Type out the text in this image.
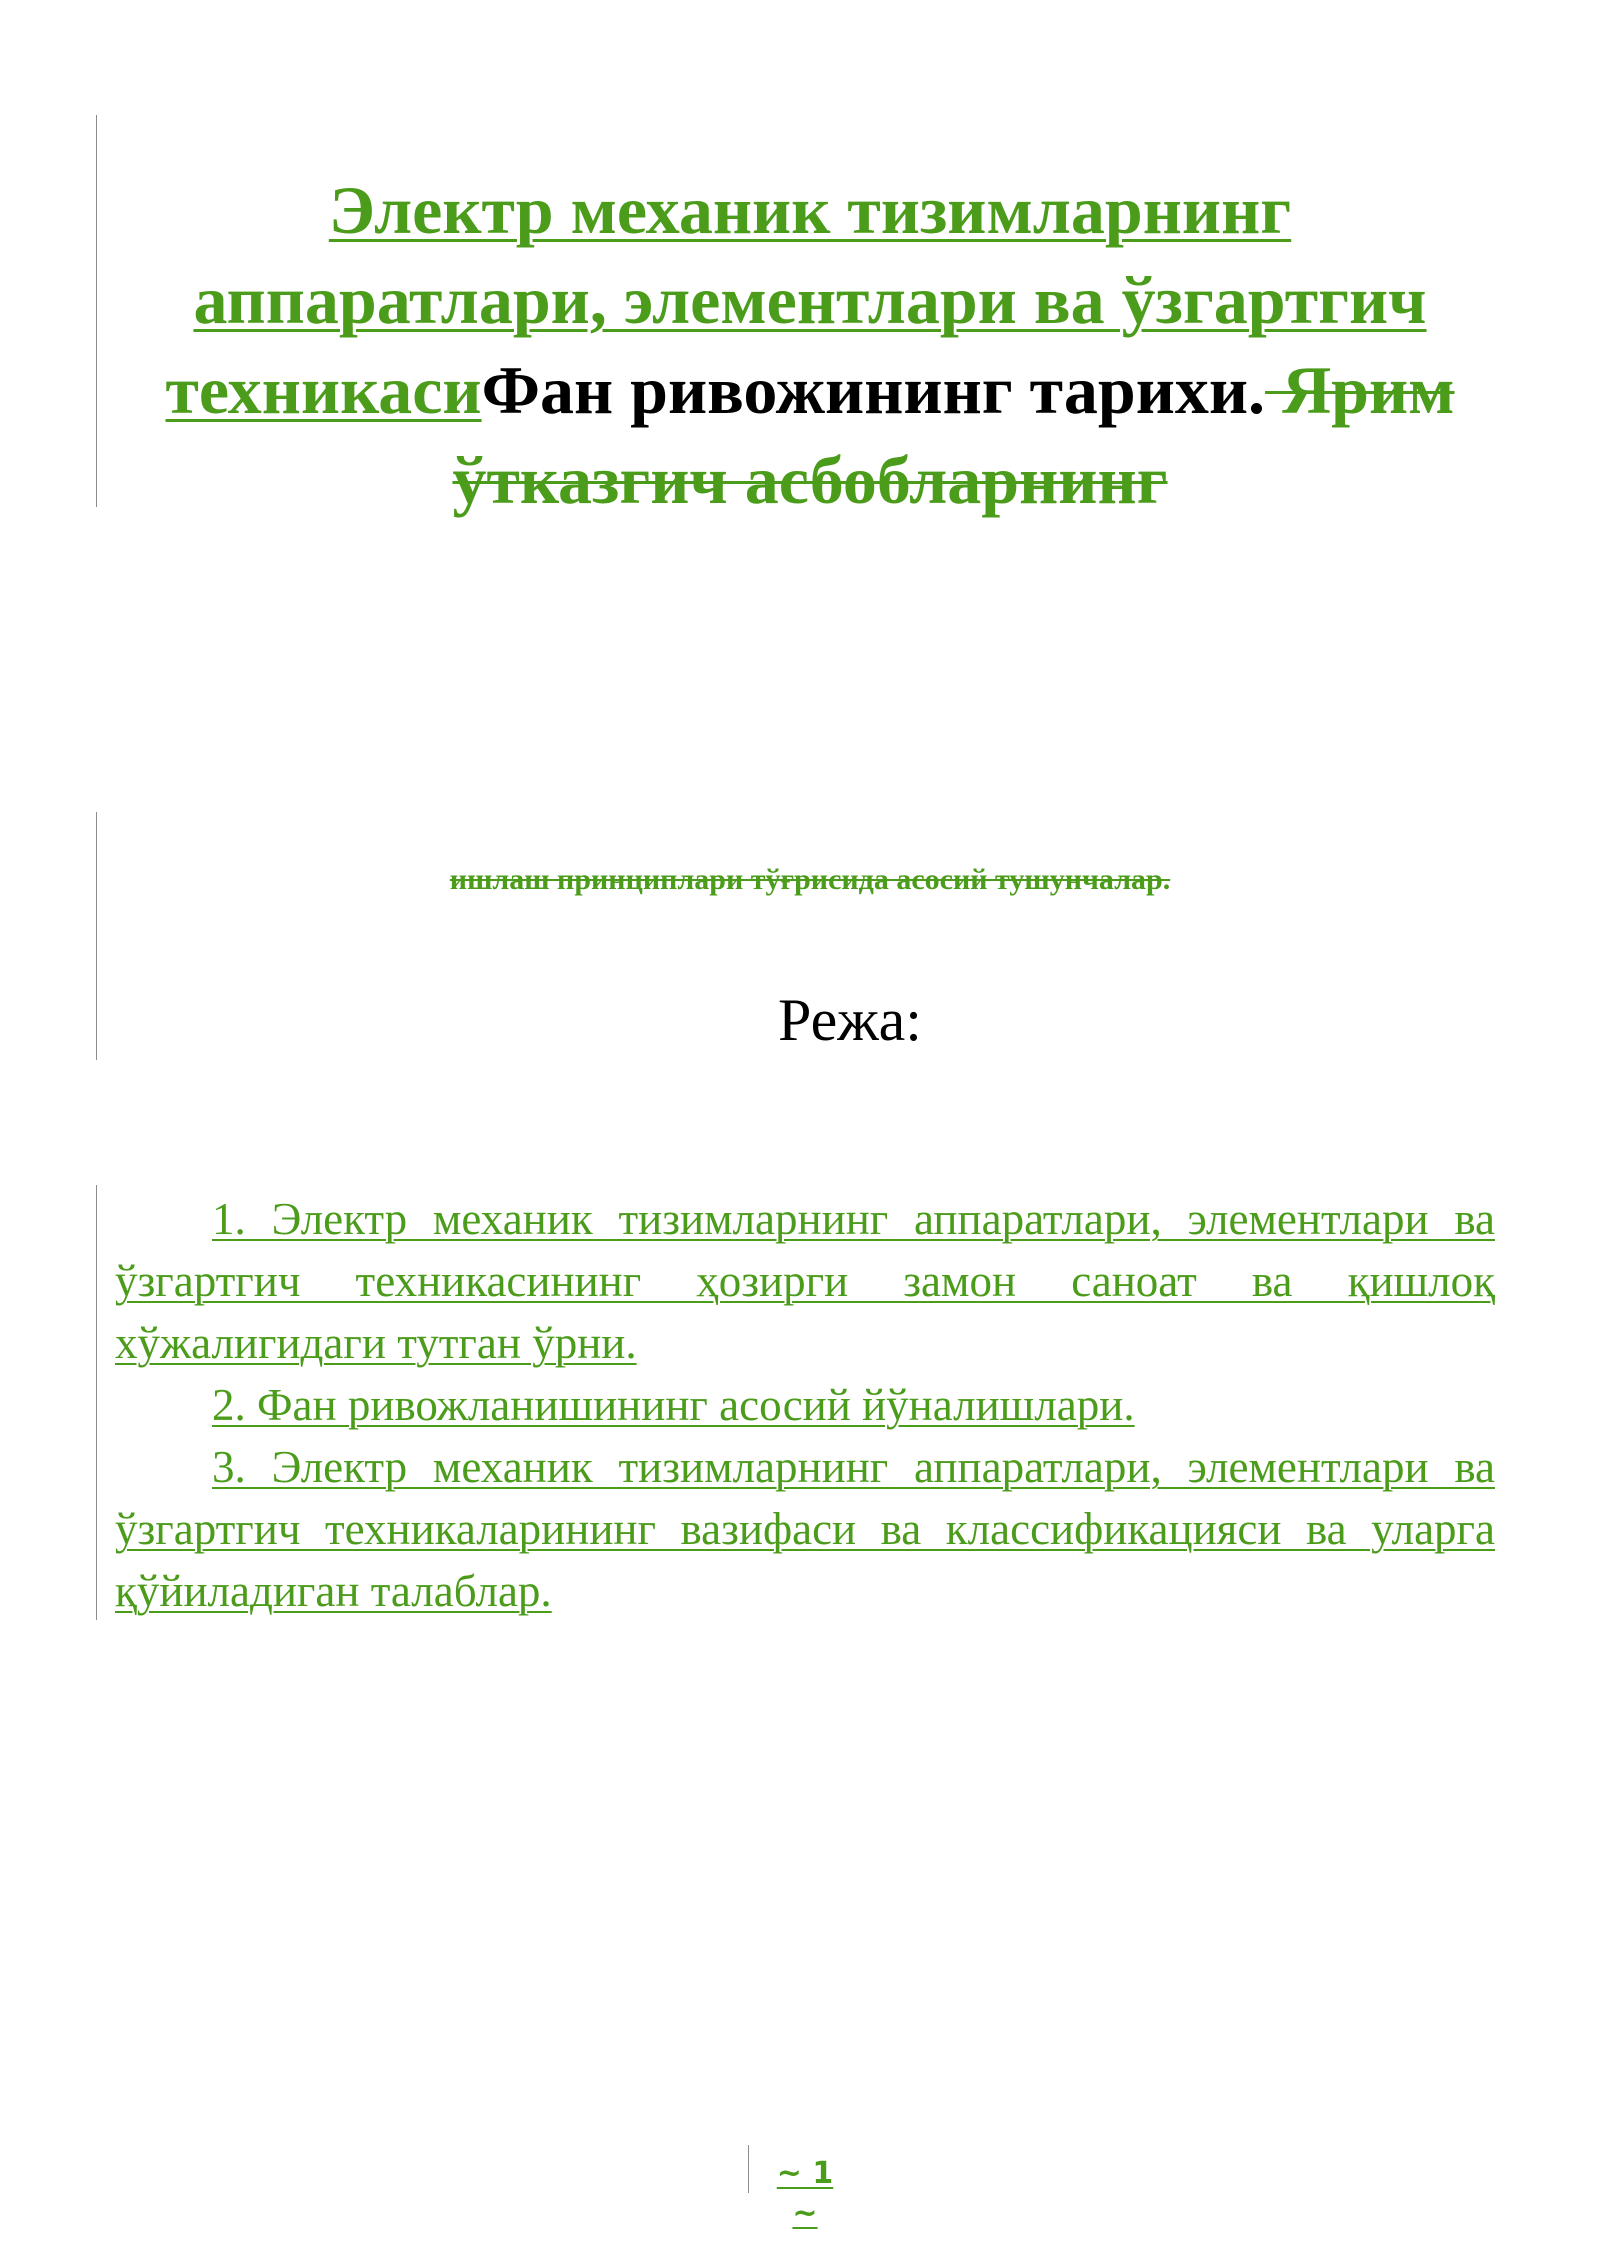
Электр механик тизимларнинг аппаратлари, элементлари ва ўзгартгич техникасиФан ривожининг тарихи. Ярим ўтказгич асбобларнинг
ишлаш принциплари тўғрисида асосий тушунчалар.
Режа:

1. Электр механик тизимларнинг аппаратлари, элементлари ва ўзгартгич техникасининг ҳозирги замон саноат ва қишлоқ хўжалигидаги тутган ўрни.

2. Фан ривожланишининг асосий йўналишлари.

3. Электр механик тизимларнинг аппаратлари, элементлари ва ўзгартгич техникаларининг вазифаси ва классификацияси ва уларга қўйиладиган талаблар.

~ 1 ~
